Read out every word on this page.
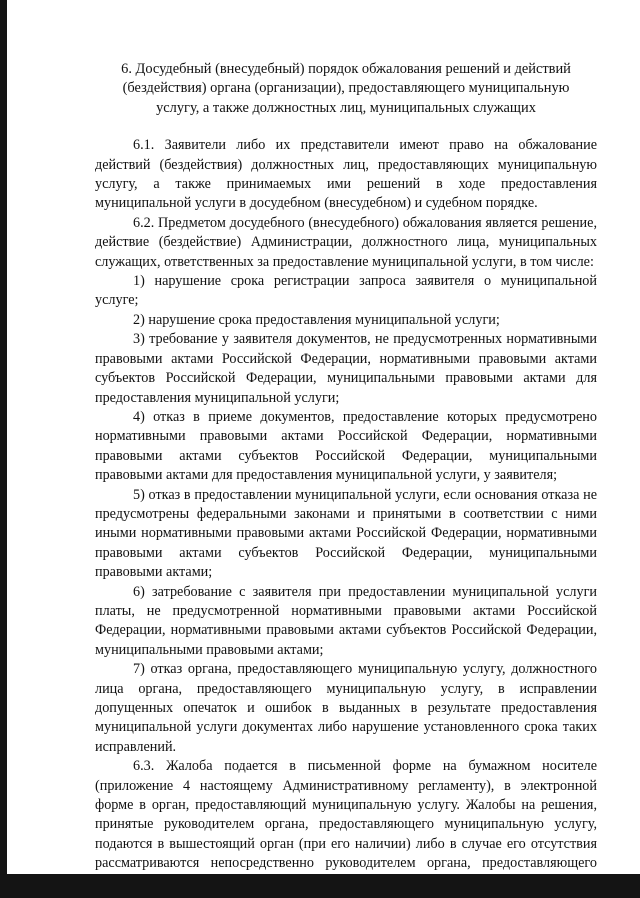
6. Досудебный (внесудебный) порядок обжалования решений и действий (бездействия) органа (организации), предоставляющего муниципальную услугу, а также должностных лиц, муниципальных служащих

6.1. Заявители либо их представители имеют право на обжалование действий (бездействия) должностных лиц, предоставляющих муниципальную услугу, а также принимаемых ими решений в ходе предоставления муниципальной услуги в досудебном (внесудебном) и судебном порядке.

6.2. Предметом досудебного (внесудебного) обжалования является решение, действие (бездействие) Администрации, должностного лица, муниципальных служащих, ответственных за предоставление муниципальной услуги, в том числе:

1) нарушение срока регистрации запроса заявителя о муниципальной услуге;

2) нарушение срока предоставления муниципальной услуги;

3) требование у заявителя документов, не предусмотренных нормативными правовыми актами Российской Федерации, нормативными правовыми актами субъектов Российской Федерации, муниципальными правовыми актами для предоставления муниципальной услуги;

4) отказ в приеме документов, предоставление которых предусмотрено нормативными правовыми актами Российской Федерации, нормативными правовыми актами субъектов Российской Федерации, муниципальными правовыми актами для предоставления муниципальной услуги, у заявителя;

5) отказ в предоставлении муниципальной услуги, если основания отказа не предусмотрены федеральными законами и принятыми в соответствии с ними иными нормативными правовыми актами Российской Федерации, нормативными правовыми актами субъектов Российской Федерации, муниципальными правовыми актами;

6) затребование с заявителя при предоставлении муниципальной услуги платы, не предусмотренной нормативными правовыми актами Российской Федерации, нормативными правовыми актами субъектов Российской Федерации, муниципальными правовыми актами;

7) отказ органа, предоставляющего муниципальную услугу, должностного лица органа, предоставляющего муниципальную услугу, в исправлении допущенных опечаток и ошибок в выданных в результате предоставления муниципальной услуги документах либо нарушение установленного срока таких исправлений.

6.3. Жалоба подается в письменной форме на бумажном носителе (приложение 4 настоящему Административному регламенту), в электронной форме в орган, предоставляющий муниципальную услугу. Жалобы на решения, принятые руководителем органа, предоставляющего муниципальную услугу, подаются в вышестоящий орган (при его наличии) либо в случае его отсутствия рассматриваются непосредственно руководителем органа, предоставляющего
